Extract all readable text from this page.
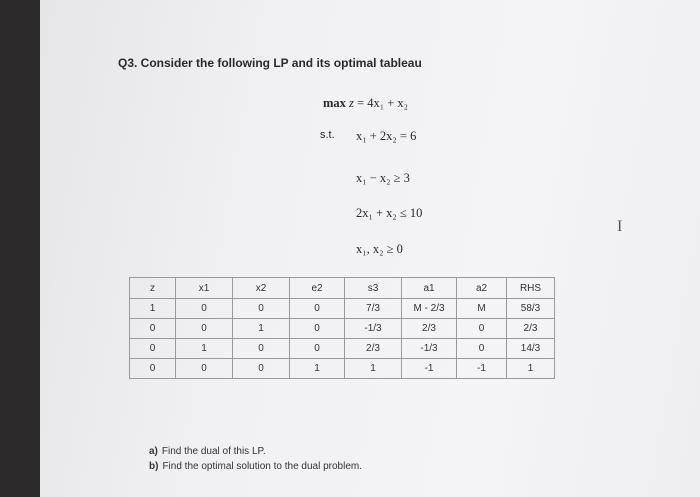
Q3. Consider the following LP and its optimal tableau
max z = 4x₁ + x₂
s.t. x₁ + 2x₂ = 6
x₁ − x₂ ≥ 3
2x₁ + x₂ ≤ 10
x₁, x₂ ≥ 0
z	x1	x2	e2	s3	a1	a2	RHS
1	0	0	0	7/3	M - 2/3	M	58/3
0	0	1	0	-1/3	2/3	0	2/3
0	1	0	0	2/3	-1/3	0	14/3
0	0	0	1	1	-1	-1	1
I
a) Find the dual of this LP.
b) Find the optimal solution to the dual problem.
